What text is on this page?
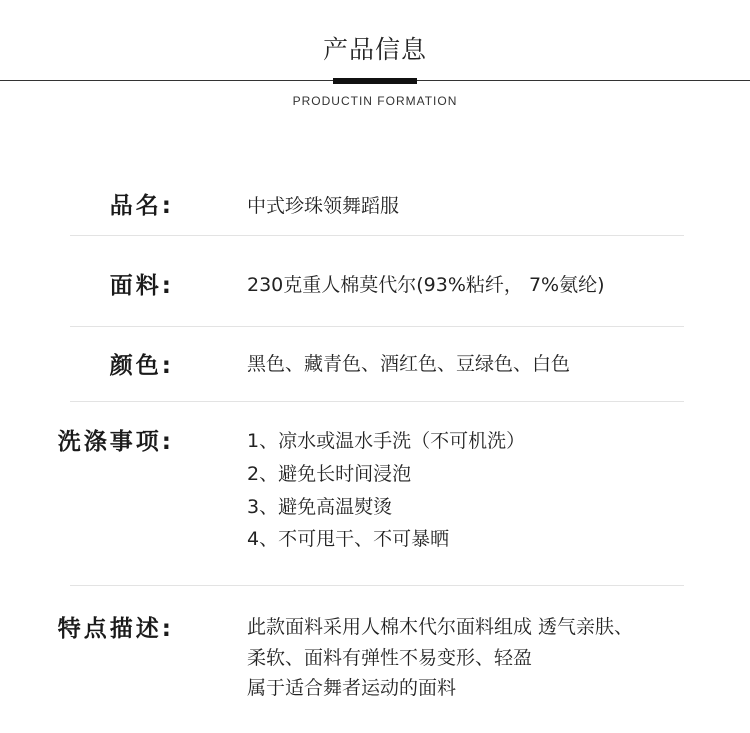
产品信息
PRODUCTIN FORMATION
品名:	中式珍珠领舞蹈服
面料:	230克重人棉莫代尔(93%粘纤， 7%氨纶)
颜色:	黑色、藏青色、酒红色、豆绿色、白色
洗涤事项:	1、凉水或温水手洗（不可机洗）
2、避免长时间浸泡
3、避免高温熨烫
4、不可甩干、不可暴晒
特点描述:	此款面料采用人棉木代尔面料组成 透气亲肤、
柔软、面料有弹性不易变形、轻盈
属于适合舞者运动的面料
